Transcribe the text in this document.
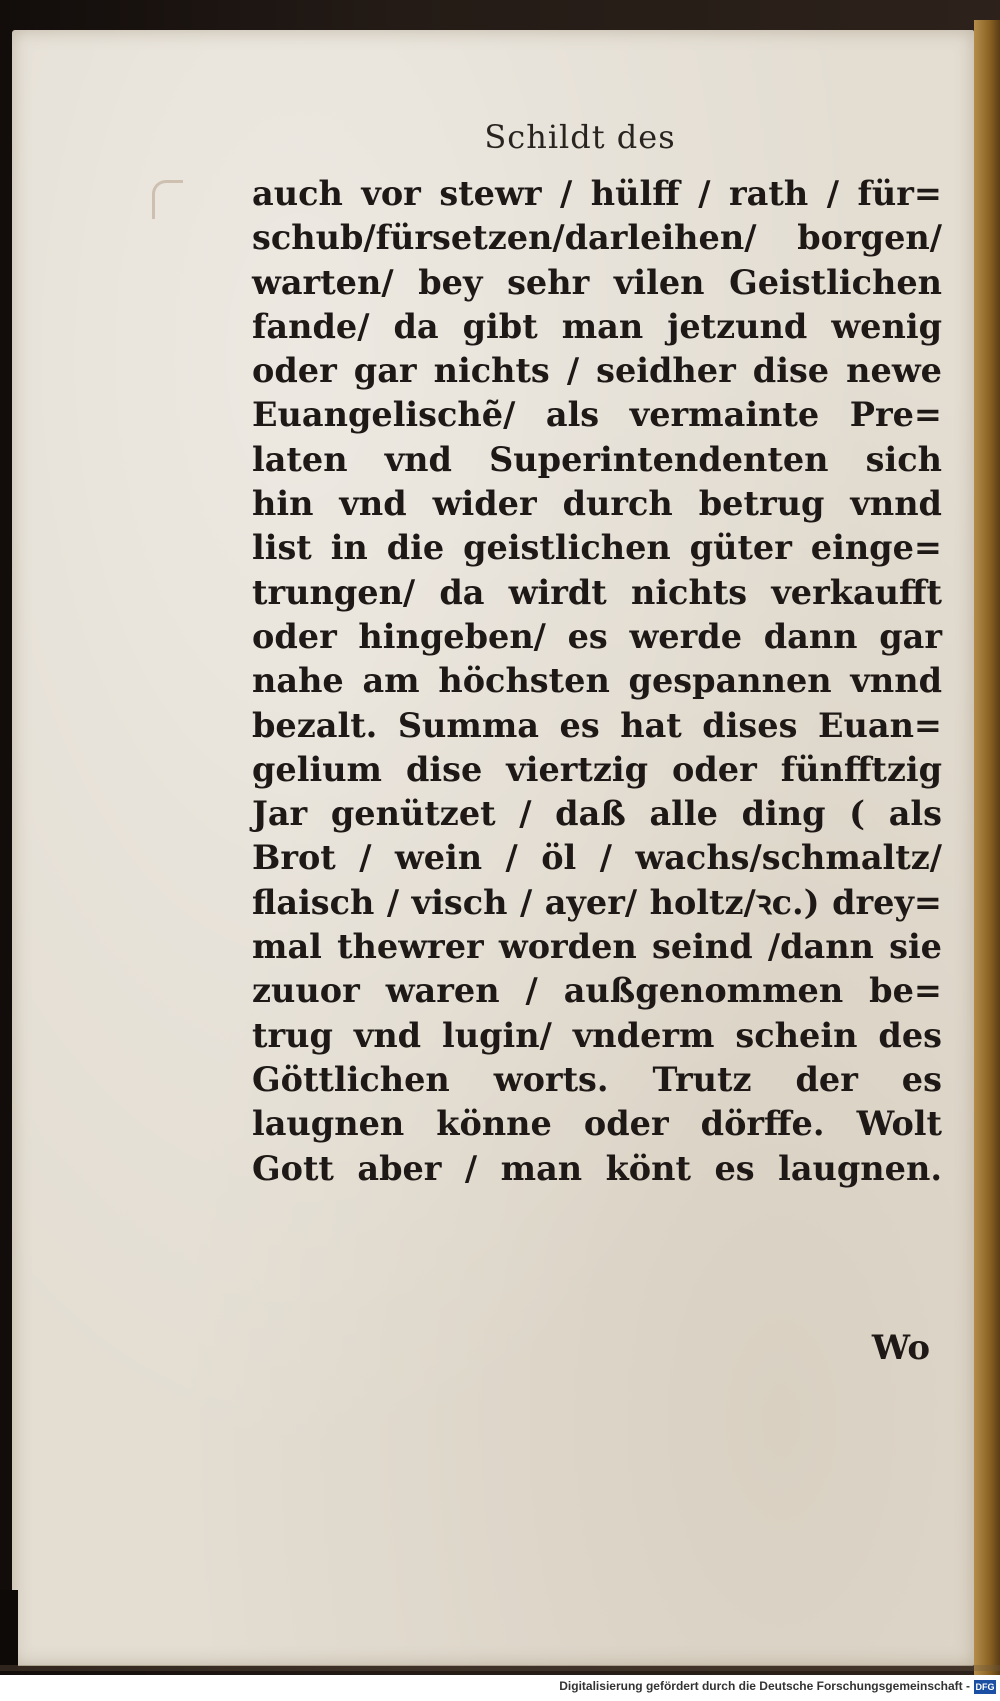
Schildt des
auch vor stewr / hülff / rath / für=
schub/fürsetzen/darleihen/ borgen/
warten/ bey sehr vilen Geistlichen
fande/ da gibt man jetzund wenig
oder gar nichts / seidher dise newe
Euangelischẽ/ als vermainte Pre=
laten vnd Superintendenten sich
hin vnd wider durch betrug vnnd
list in die geistlichen güter einge=
trungen/ da wirdt nichts verkaufft
oder hingeben/ es werde dann gar
nahe am höchsten gespannen vnnd
bezalt. Summa es hat dises Euan=
gelium dise viertzig oder fünfftzig
Jar genützet / daß alle ding ( als
Brot / wein / öl / wachs/schmaltz/
flaisch / visch / ayer/ holtz/ꝛc.) drey=
mal thewrer worden seind /dann sie
zuuor waren / außgenommen be=
trug vnd lugin/ vnderm schein des
Göttlichen worts. Trutz der es
laugnen könne oder dörffe. Wolt
Gott aber / man könt es laugnen.
Wo
Digitalisierung gefördert durch die Deutsche Forschungsgemeinschaft - DFG
